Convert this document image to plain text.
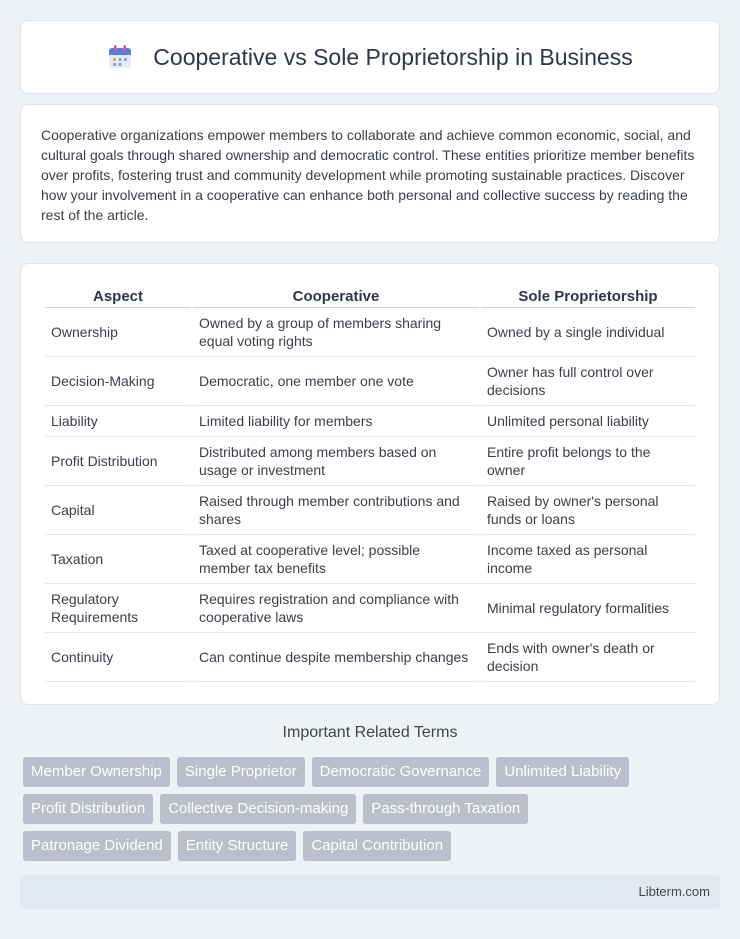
Cooperative vs Sole Proprietorship in Business

Cooperative organizations empower members to collaborate and achieve common economic, social, and cultural goals through shared ownership and democratic control. These entities prioritize member benefits over profits, fostering trust and community development while promoting sustainable practices. Discover how your involvement in a cooperative can enhance both personal and collective success by reading the rest of the article.

Aspect	Cooperative	Sole Proprietorship
Ownership	Owned by a group of members sharing equal voting rights	Owned by a single individual
Decision-Making	Democratic, one member one vote	Owner has full control over decisions
Liability	Limited liability for members	Unlimited personal liability
Profit Distribution	Distributed among members based on usage or investment	Entire profit belongs to the owner
Capital	Raised through member contributions and shares	Raised by owner's personal funds or loans
Taxation	Taxed at cooperative level; possible member tax benefits	Income taxed as personal income
Regulatory Requirements	Requires registration and compliance with cooperative laws	Minimal regulatory formalities
Continuity	Can continue despite membership changes	Ends with owner's death or decision
Important Related Terms
Member Ownership	Single Proprietor	Democratic Governance	Unlimited Liability
Profit Distribution	Collective Decision-making	Pass-through Taxation
Patronage Dividend	Entity Structure	Capital Contribution
Libterm.com
